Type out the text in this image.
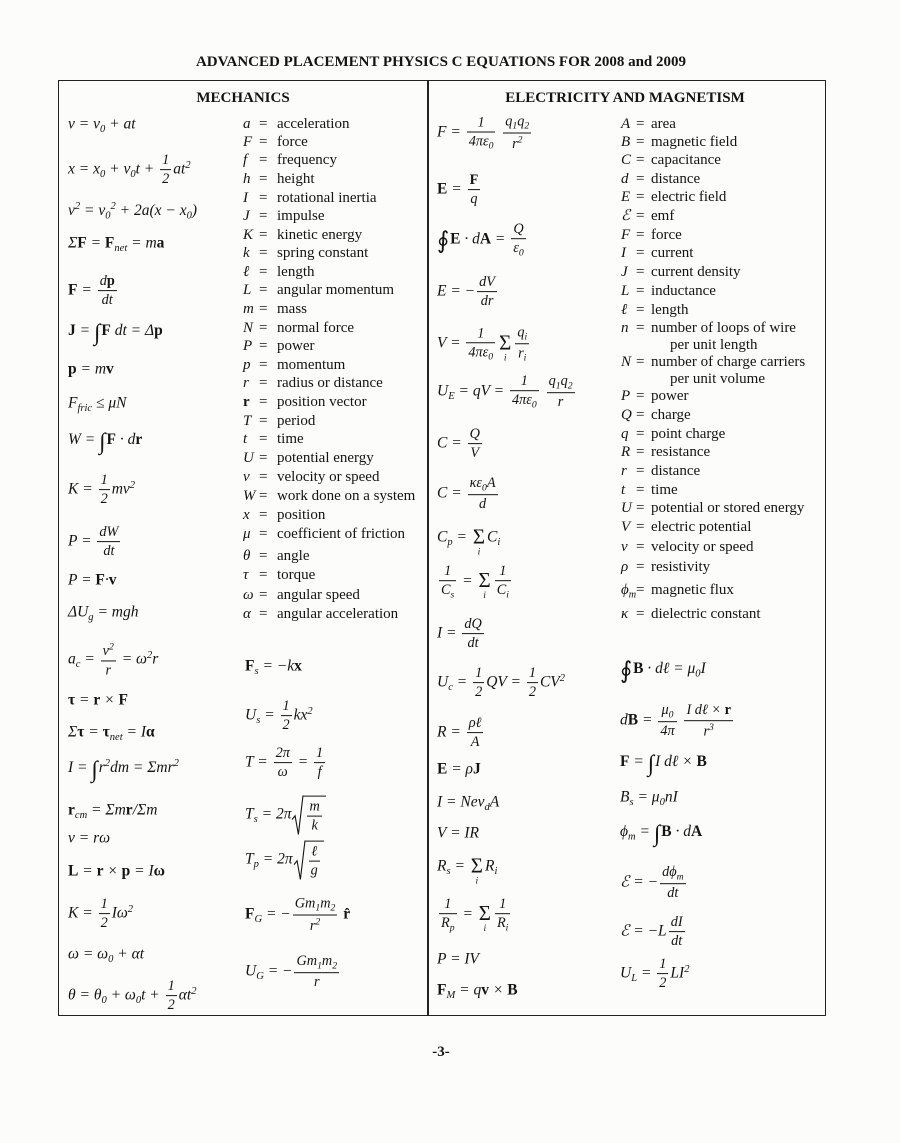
ADVANCED PLACEMENT PHYSICS C EQUATIONS FOR 2008 and 2009
MECHANICS	ELECTRICITY AND MAGNETISM
-3-
$v = v_0$ + at
$x = x_0 + v_0t + \frac{1}{2} at^2$
$v^2 = v_0^2 + 2a(x - x_0)$
$\Sigma F = F_{net}$ = ma
$F = \frac{dp}{dt}$
J = ∫F dt = Δp
p = mv
$F_{fric} \le \mu N$
W = ∫F · dr
$K = \frac{1}{2} mv^2$
$P = \frac{dW}{dt}$
P = F·v
$\Delta U_g$ = mgh
$a_c = \frac{v^2}{r} = \omega^2r$
τ = r × F
$\Sigma\tau = \tau_{net} = I\alpha$
$I = \int r^2dm = \Sigma mr^2$
$r_{cm} = \Sigma mr/\Sigma m$
v = rω
L = r × p = Iω
$K = \frac{1}{2} I\omega^2$
$\omega = \omega_0 + \alpha t$
$\theta = \theta_0 + \omega_0t + \frac{1}{2} \alpha t^2$
$F_s = -kx$
$U_s = \frac{1}{2} kx^2$
$T = \frac{2\pi}{\omega} = \frac{1}{f}$
$T_s = 2\pi \frac{m}{k}$
$T_p = 2\pi \frac{\text{ℓ}}{g}$
$F_G$ = − $\frac{Gm_1m_2}{r^2}$ r̂
$U_G$ = − $\frac{Gm_1m_2}{r}$
$F = \frac{1}{4\pi\varepsilon_0}$
$\frac{q_1q_2}{r^2}$
$E = \frac{F}{q}$
∮E · dA = $\frac{Q}{\varepsilon_0}$
E = − $\frac{dV}{dr}$
$V = \frac{1}{4\pi\varepsilon_0}$ Σ
i $\frac{q_i}{r_i}$
$U_E$ = qV = $\frac{1}{4\pi\varepsilon_0}$
$\frac{q_1q_2}{r}$
$C = \frac{Q}{V}$
$C = \frac{\kappa\varepsilon_0A}{d}$
$C_p = \Sigma$
i
$C_i$
$\frac{1}{C_s} = \Sigma$
i $\frac{1}{C_i}$
$I = \frac{dQ}{dt}$
$U_c = \frac{1}{2}$ QV = $\frac{1}{2} CV^2$
$R = \frac{\text{ρℓ}}{A}$
E = ρJ
I = Nev$_d$A
V = IR
$R_s = \Sigma$
i
$R_i$
$\frac{1}{R_p} = \Sigma$
i $\frac{1}{R_i}$
P = IV
$F_M$ = qv × B
∮B · dℓ = $\mu_0I$
dB = $\frac{\mu_0}{4\pi}$
$\frac{\text{I dℓ × r}}{r^3}$
F = ∫I dℓ × B
$B_s = \mu_0nI$
$\phi_m = \int B$ · dA
ℰ = − $\frac{d\phi_m}{dt}$
ℰ = $-L \frac{dI}{dt}$
$U_L = \frac{1}{2} LI^2$
a = acceleration
F = force
f = frequency
h = height
I = rotational inertia
J = impulse
K = kinetic energy
k = spring constant
ℓ = length
L = angular momentum
m = mass
N = normal force
P = power
p = momentum
r = radius or distance
r = position vector
T = period
t = time
U = potential energy
v = velocity or speed
W = work done on a system
x = position
μ = coefficient of friction
θ = angle
τ = torque
ω = angular speed
α = angular acceleration
A = area
B = magnetic field
C = capacitance
d = distance
E = electric field
ℰ = emf
F = force
I = current
J = current density
L = inductance
ℓ = length
n = number of loops of wire
per unit length
N = number of charge carriers
per unit volume
P = power
Q = charge
q = point charge
R = resistance
r = distance
t = time
U = potential or stored energy
V = electric potential
v = velocity or speed
ρ = resistivity
$\phi_m$ = magnetic flux
κ = dielectric constant
